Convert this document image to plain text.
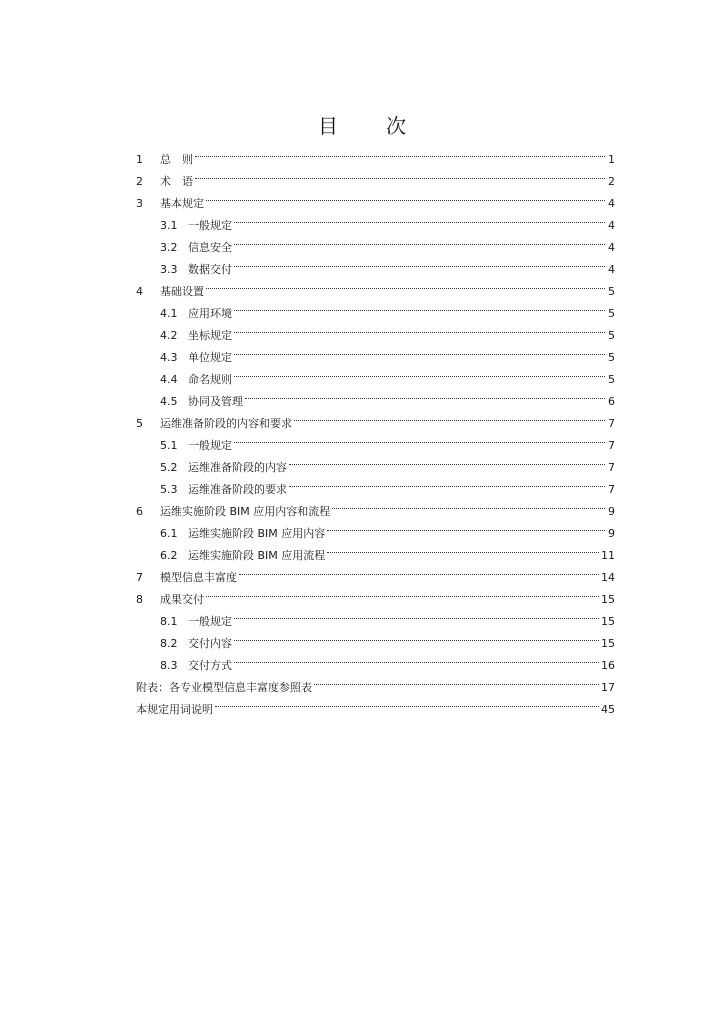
目　次
1	总　则	1
2	术　语	2
3	基本规定	4
3.1 一般规定	4
3.2 信息安全	4
3.3 数据交付	4
4	基础设置	5
4.1 应用环境	5
4.2 坐标规定	5
4.3 单位规定	5
4.4 命名规则	5
4.5 协同及管理	6
5	运维准备阶段的内容和要求	7
5.1 一般规定	7
5.2 运维准备阶段的内容	7
5.3 运维准备阶段的要求	7
6	运维实施阶段 BIM 应用内容和流程	9
6.1 运维实施阶段 BIM 应用内容	9
6.2 运维实施阶段 BIM 应用流程	11
7	模型信息丰富度	14
8	成果交付	15
8.1 一般规定	15
8.2 交付内容	15
8.3 交付方式	16
附表：各专业模型信息丰富度参照表	17
本规定用词说明	45
